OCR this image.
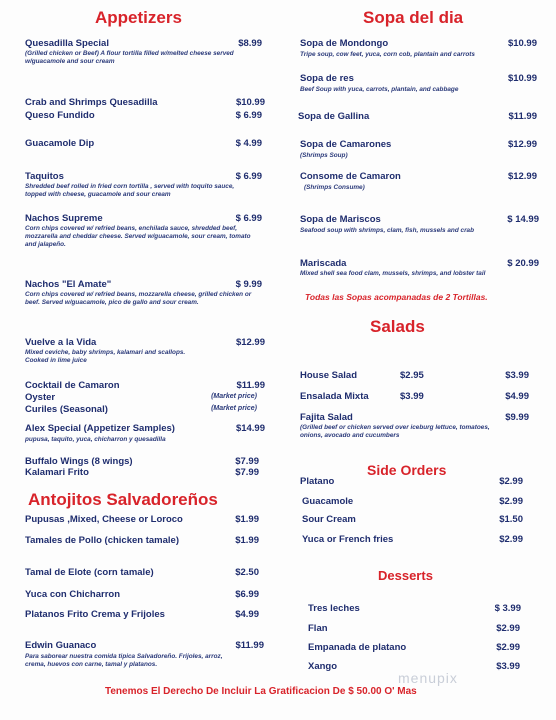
Appetizers	Sopa del dia
Antojitos Salvadoreños
Salads
Side Orders
Desserts
Quesadilla Special	$8.99
(Grilled chicken or Beef) A flour tortilla filled w/melted cheese served w/guacamole and sour cream
Crab and Shrimps Quesadilla	$10.99
Queso Fundido	$ 6.99
Guacamole Dip	$ 4.99
Taquitos	$ 6.99
Shredded beef rolled in fried corn tortilla , served with toquito sauce, topped with cheese, guacamole and sour cream
Nachos Supreme	$ 6.99
Corn chips covered w/ refried beans, enchilada sauce, shredded beef, mozzarella and cheddar cheese. Served w/guacamole, sour cream, tomato and jalapeño.
Nachos "El Amate"	$ 9.99
Corn chips covered w/ refried beans, mozzarella cheese, grilled chicken or beef. Served w/guacamole, pico de gallo and sour cream.
Vuelve a la Vida	$12.99
Mixed ceviche, baby shrimps, kalamari and scallops. Cooked in lime juice
Cocktail de Camaron	$11.99
Oyster	(Market price)
Curiles (Seasonal)	(Market price)
Alex Special (Appetizer Samples)	$14.99
pupusa, taquito, yuca, chicharron y quesadilla
Buffalo Wings (8 wings)	$7.99
Kalamari Frito	$7.99
Pupusas ,Mixed, Cheese or Loroco	$1.99
Tamales de Pollo (chicken tamale)	$1.99
Tamal de Elote (corn tamale)	$2.50
Yuca con Chicharron	$6.99
Platanos Frito Crema y Frijoles	$4.99
Edwin Guanaco	$11.99
Para saborear nuestra comida tipica Salvadoreño. Frijoles, arroz, crema, huevos con carne, tamal y platanos.
Sopa de Mondongo	$10.99
Tripe soup, cow feet, yuca, corn cob, plantain and carrots
Sopa de res	$10.99
Beef Soup with yuca, carrots, plantain, and cabbage
Sopa de Gallina	$11.99
Sopa de Camarones	$12.99
(Shrimps Soup)
Consome de Camaron	$12.99
(Shrimps Consume)
Sopa de Mariscos	$ 14.99
Seafood soup with shrimps, clam, fish, mussels and crab
Mariscada	$ 20.99
Mixed shell sea food clam, mussels, shrimps, and lobster tail
Todas las Sopas acompanadas de 2 Tortillas.
House Salad	$2.95	$3.99
Ensalada Mixta	$3.99	$4.99
Fajita Salad	$9.99
(Grilled beef or chicken served over iceburg lettuce, tomatoes, onions, avocado and cucumbers
Platano	$2.99
Guacamole	$2.99
Sour Cream	$1.50
Yuca or French fries	$2.99
Tres leches	$ 3.99
Flan	$2.99
Empanada de platano	$2.99
Xango	$3.99
menupix
Tenemos El Derecho De Incluir La Gratificacion De $ 50.00 O' Mas
